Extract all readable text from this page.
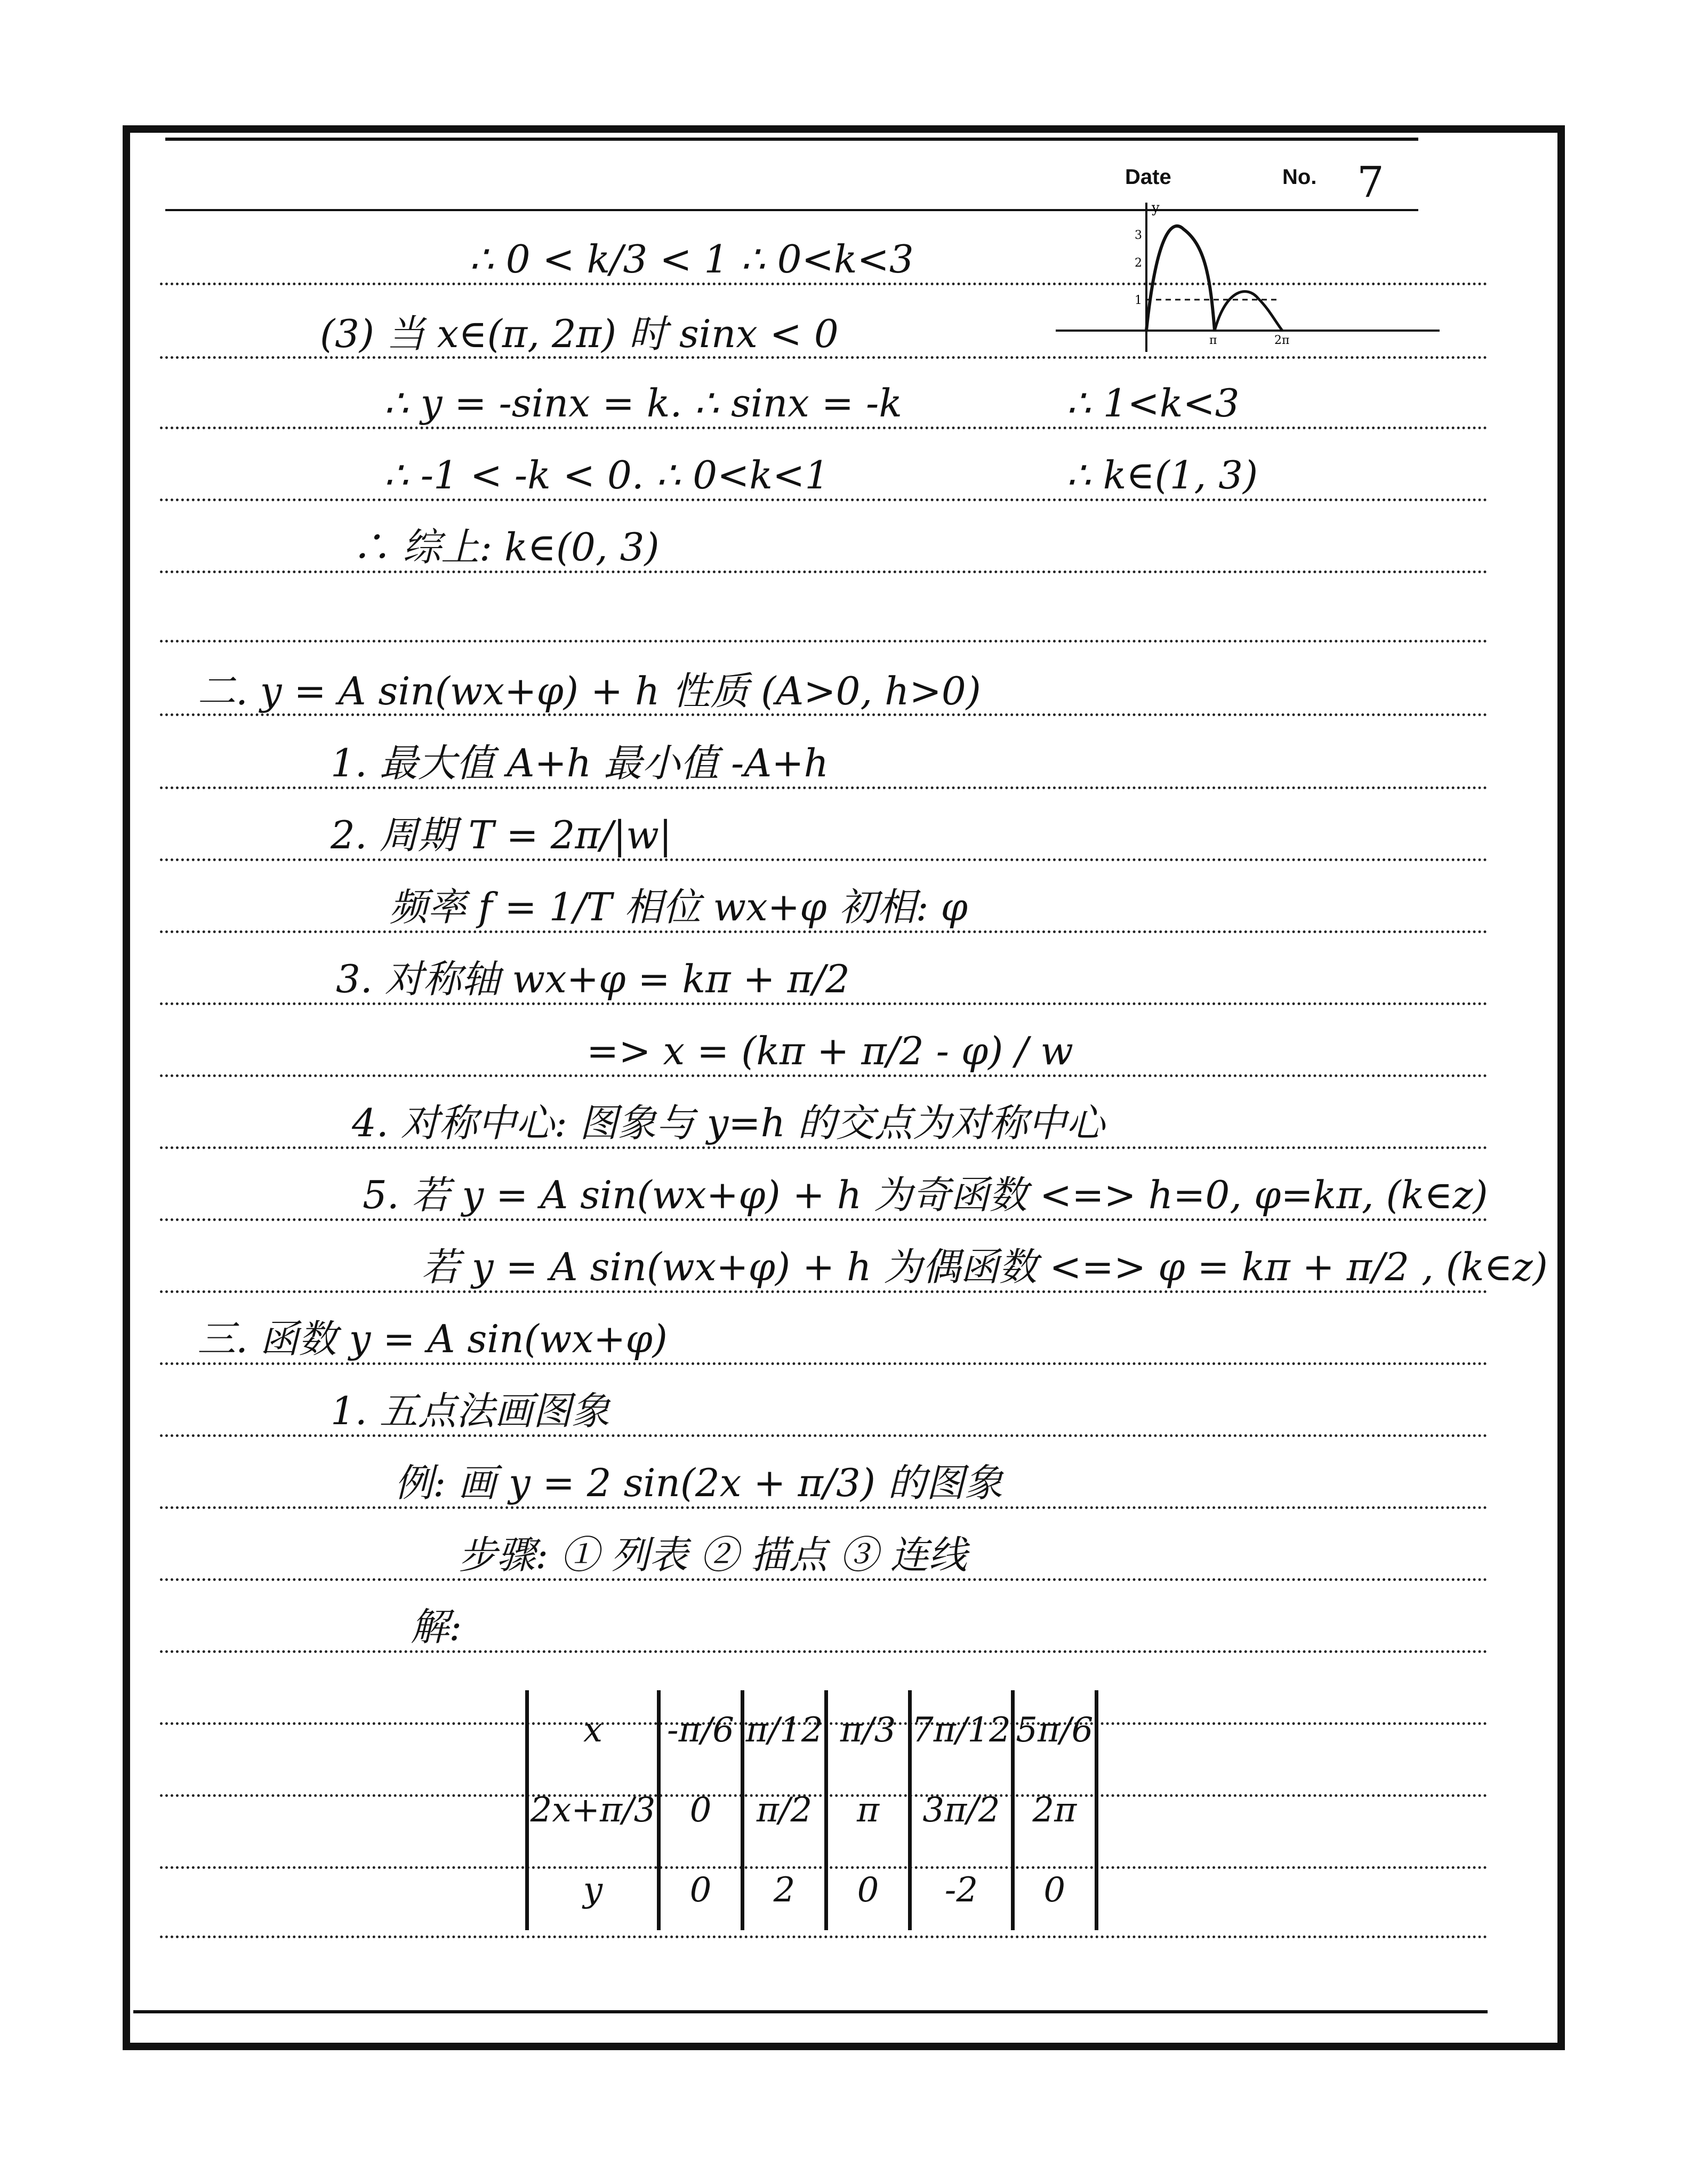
Date	No. 7
∴ 0 < k/3 < 1 ∴ 0<k<3
(3) 当 x∈(π, 2π) 时 sinx < 0
∴ y = -sinx = k. ∴ sinx = -k
∴ -1 < -k < 0. ∴ 0<k<1
∴ 综上: k∈(0, 3)
二. y = A sin(wx+φ) + h 性质 (A>0, h>0)
1. 最大值 A+h 最小值 -A+h
2. 周期 T = 2π/|w|
频率 f = 1/T 相位 wx+φ 初相: φ
3. 对称轴 wx+φ = kπ + π/2
=> x = (kπ + π/2 - φ) / w
4. 对称中心: 图象与 y=h 的交点为对称中心
5. 若 y = A sin(wx+φ) + h 为奇函数 <=> h=0, φ=kπ, (k∈z)
若 y = A sin(wx+φ) + h 为偶函数 <=> φ = kπ + π/2 , (k∈z)
三. 函数 y = A sin(wx+φ)
1. 五点法画图象
例: 画 y = 2 sin(2x + π/3) 的图象
步骤: ① 列表 ② 描点 ③ 连线
解:
∴ 1<k<3
∴ k∈(1, 3)
3
2
1
π	2π
y
x	-π/6	π/12	π/3	7π/12	5π/6
2x+π/3	0	π/2	π	3π/2	2π
y	0	2	0	-2	0
